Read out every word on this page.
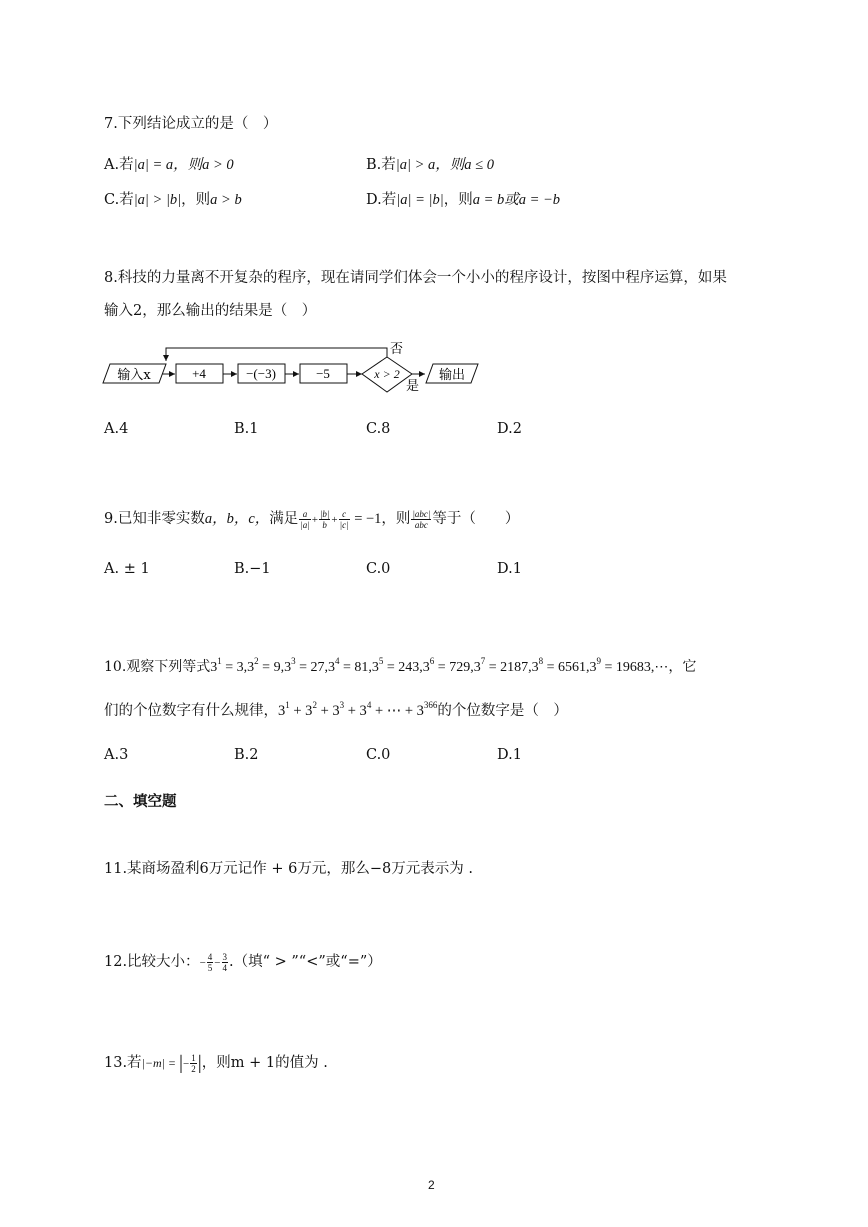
7.下列结论成立的是（　）
A.若|a| = a，则a > 0	B.若|a| > a，则a ≤ 0
C.若|a| > |b|，则a > b	D.若|a| = |b|，则a = b或a = −b
8.科技的力量离不开复杂的程序，现在请同学们体会一个小小的程序设计，按图中程序运算，如果
输入2，那么输出的结果是（　）
输入x	+4	−(−3)	−5	x > 2
否
是
输出
A.4	B.1	C.8	D.2
9.已知非零实数a，b，c，满足 $\frac{a}{|a|} + \frac{|b|}{b} + \frac{c}{|c|} = -1$，则 $\frac{\text{|abc|}}{\text{abc}}$ 等于（　　）
A. ± 1	B.−1	C.0	D.1
10.观察下列等式$3^1 = 3,3^2 = 9,3^3 = 27,3^4 = 81,3^5 = 243,3^6 = 729,3^7 = 2187,3^8 = 6561,3^9$ = 19683,⋯，它
们的个位数字有什么规律，$3^1 + 3^2 + 3^3 + 3^4$ + ⋯ + $3^{366}$的个位数字是（　）
A.3	B.2	C.0	D.1
二、填空题
11.某商场盈利6万元记作 + 6万元，那么−8万元表示为 .
12.比较大小：− $\frac{4}{5} - \frac{3}{4}$ .（填“ > ”“<”或“=”）
13.若|−m| = |− $\frac{1}{2}$ |，则m + 1的值为 .
2
